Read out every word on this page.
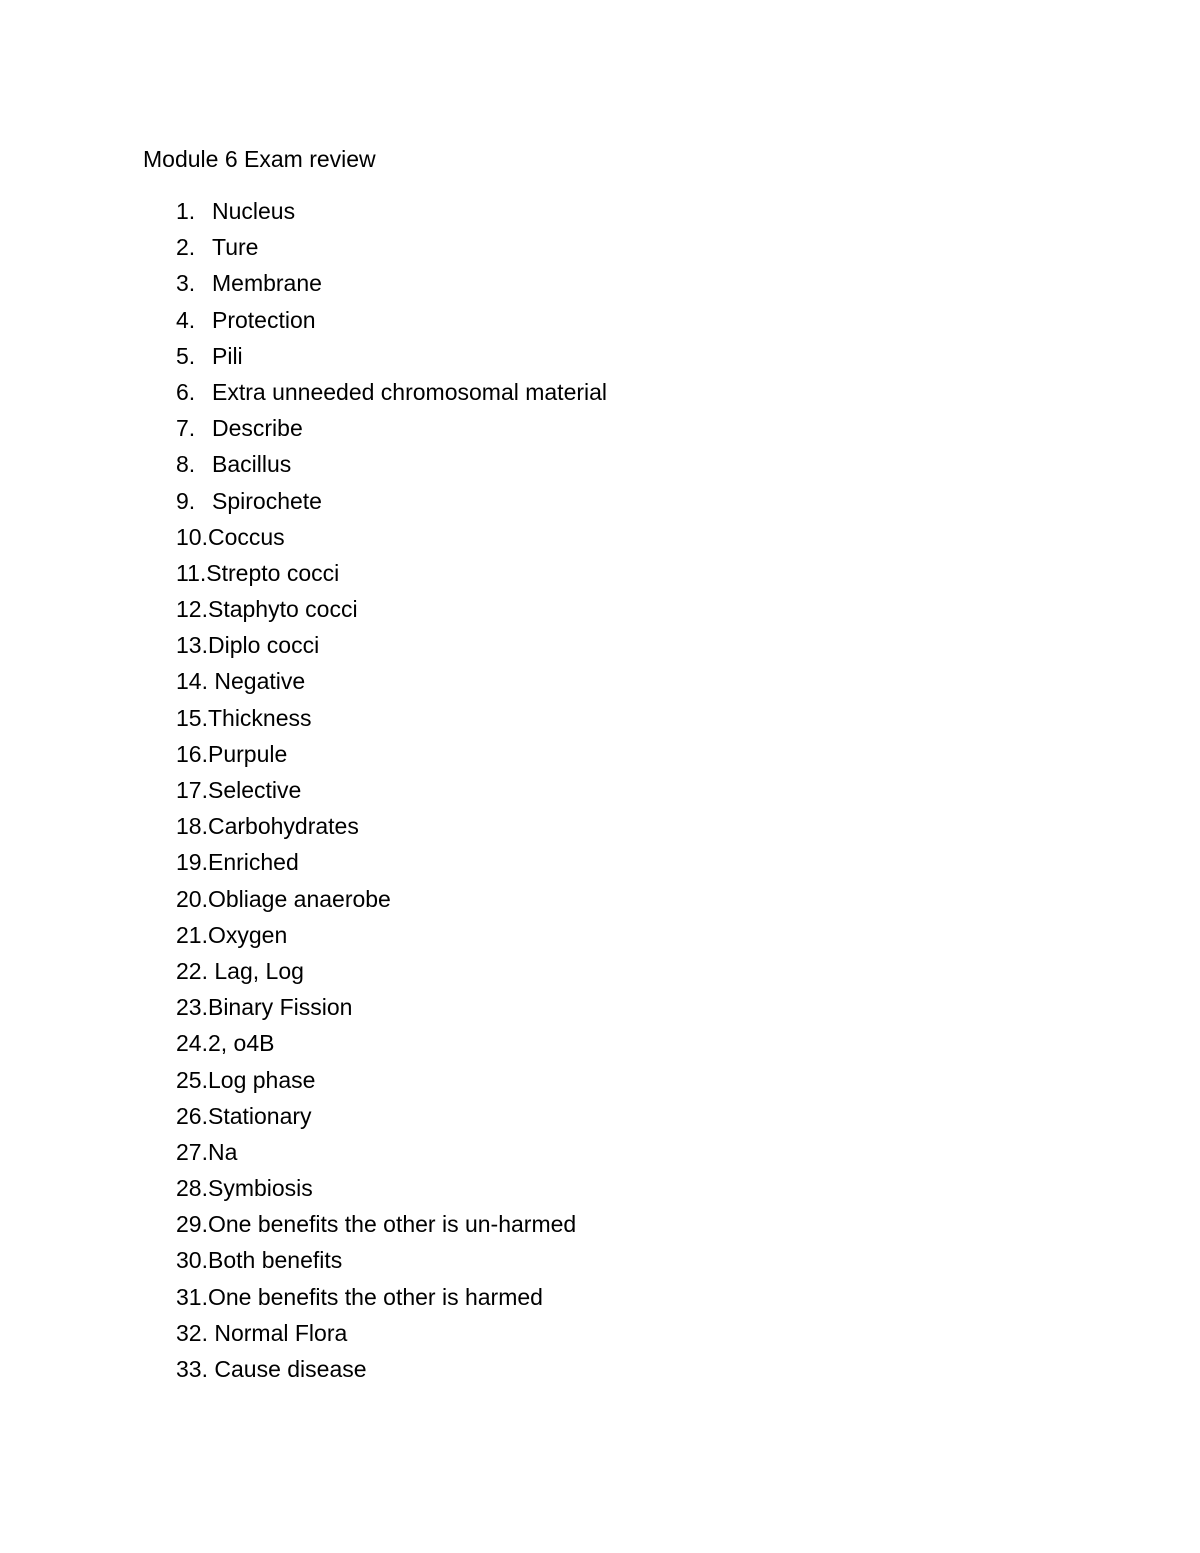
Module 6 Exam review
1. Nucleus
2. Ture
3. Membrane
4. Protection
5. Pili
6. Extra unneeded chromosomal material
7. Describe
8. Bacillus
9. Spirochete
10. Coccus
11. Strepto cocci
12. Staphyto cocci
13. Diplo cocci
14. Negative
15. Thickness
16. Purpule
17. Selective
18. Carbohydrates
19. Enriched
20. Obliage anaerobe
21. Oxygen
22. Lag, Log
23. Binary Fission
24. 2, o4B
25. Log phase
26. Stationary
27. Na
28. Symbiosis
29. One benefits the other is un-harmed
30. Both benefits
31. One benefits the other is harmed
32. Normal Flora
33. Cause disease
